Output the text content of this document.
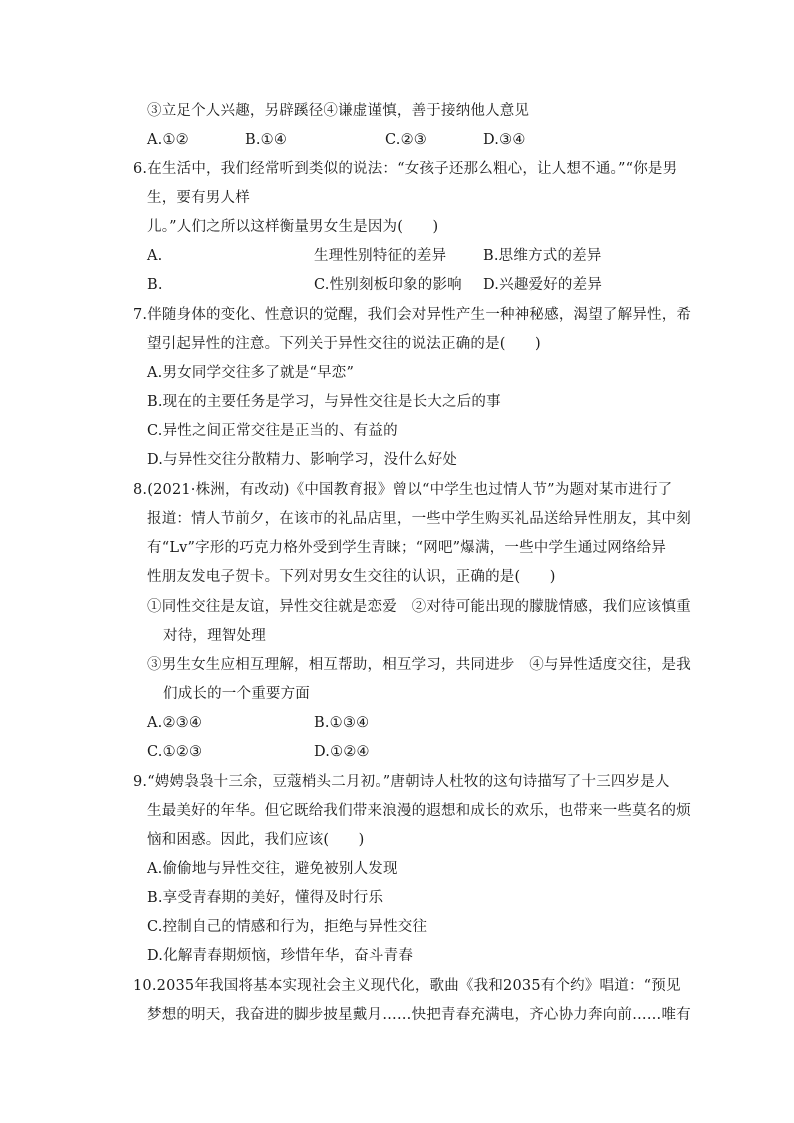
③立足个人兴趣，另辟蹊径④谦虚谨慎，善于接纳他人意见
A.①②	B.①④	C.②③	D.③④
6.在生活中，我们经常听到类似的说法：“女孩子还那么粗心，让人想不通。”“你是男
生，要有男人样
儿。”人们之所以这样衡量男女生是因为(　　)
A.	生理性别特征的差异	B.思维方式的差异
B.	C.性别刻板印象的影响 D.兴趣爱好的差异
7.伴随身体的变化、性意识的觉醒，我们会对异性产生一种神秘感，渴望了解异性，希
望引起异性的注意。下列关于异性交往的说法正确的是(　　)
A.男女同学交往多了就是“早恋”
B.现在的主要任务是学习，与异性交往是长大之后的事
C.异性之间正常交往是正当的、有益的
D.与异性交往分散精力、影响学习，没什么好处
8.(2021·株洲，有改动)《中国教育报》曾以“中学生也过情人节”为题对某市进行了
报道：情人节前夕，在该市的礼品店里，一些中学生购买礼品送给异性朋友，其中刻
有“Lv”字形的巧克力格外受到学生青睐；“网吧”爆满，一些中学生通过网络给异
性朋友发电子贺卡。下列对男女生交往的认识，正确的是(　　)
①同性交往是友谊，异性交往就是恋爱　②对待可能出现的朦胧情感，我们应该慎重
对待，理智处理
③男生女生应相互理解，相互帮助，相互学习，共同进步　④与异性适度交往，是我
们成长的一个重要方面
A.②③④	B.①③④
C.①②③	D.①②④
9.“娉娉袅袅十三余，豆蔻梢头二月初。”唐朝诗人杜牧的这句诗描写了十三四岁是人
生最美好的年华。但它既给我们带来浪漫的遐想和成长的欢乐，也带来一些莫名的烦
恼和困惑。因此，我们应该(　　)
A.偷偷地与异性交往，避免被别人发现
B.享受青春期的美好，懂得及时行乐
C.控制自己的情感和行为，拒绝与异性交往
D.化解青春期烦恼，珍惜年华，奋斗青春
10.2035年我国将基本实现社会主义现代化，歌曲《我和2035有个约》唱道：“预见
梦想的明天，我奋进的脚步披星戴月……快把青春充满电，齐心协力奔向前……唯有
